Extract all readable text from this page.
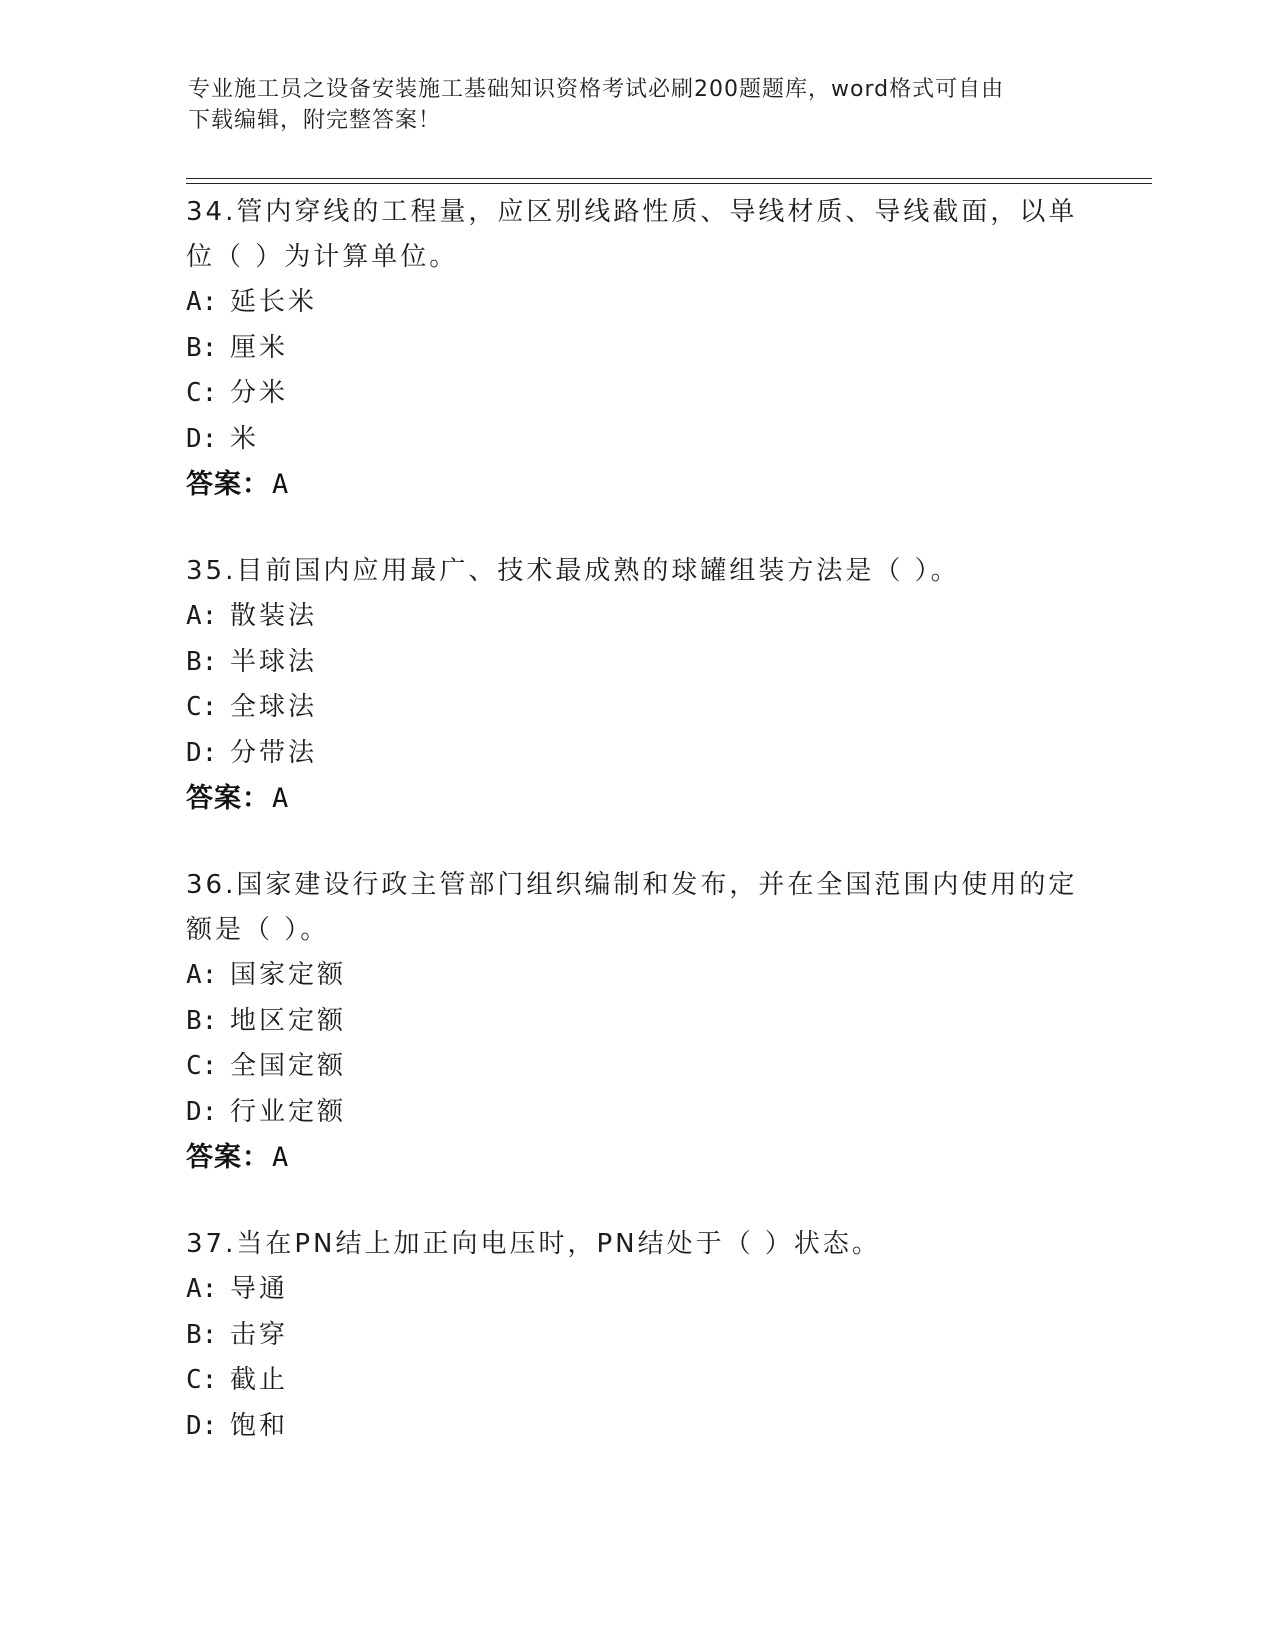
专业施工员之设备安装施工基础知识资格考试必刷200题题库，word格式可自由
下载编辑，附完整答案！
34.管内穿线的工程量，应区别线路性质、导线材质、导线截面，以单
位（ ）为计算单位。
A: 延长米
B: 厘米
C: 分米
D: 米
答案：A
35.目前国内应用最广、技术最成熟的球罐组装方法是（ ）。
A: 散装法
B: 半球法
C: 全球法
D: 分带法
答案：A
36.国家建设行政主管部门组织编制和发布，并在全国范围内使用的定
额是（ ）。
A: 国家定额
B: 地区定额
C: 全国定额
D: 行业定额
答案：A
37.当在PN结上加正向电压时，PN结处于（ ）状态。
A: 导通
B: 击穿
C: 截止
D: 饱和
